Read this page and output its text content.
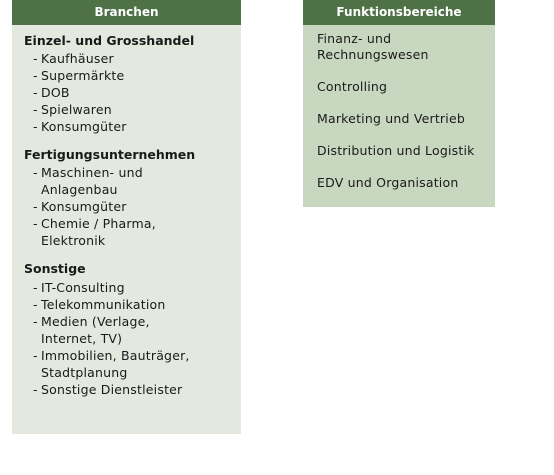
Branchen
Einzel- und Grosshandel
- Kaufhäuser
- Supermärkte
- DOB
- Spielwaren
- Konsumgüter
Fertigungsunternehmen
- Maschinen- und Anlagenbau
- Konsumgüter
- Chemie / Pharma, Elektronik
Sonstige
- IT-Consulting
- Telekommunikation
- Medien (Verlage, Internet, TV)
- Immobilien, Bauträger, Stadtplanung
- Sonstige Dienstleister
Funktionsbereiche
Finanz- und Rechnungswesen
Controlling
Marketing und Vertrieb
Distribution und Logistik
EDV und Organisation
